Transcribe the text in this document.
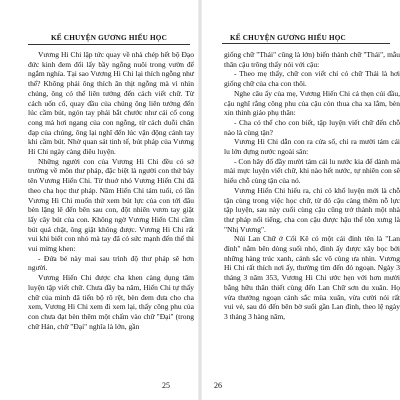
KỂ CHUYỆN GƯƠNG HIẾU HỌC

Vương Hi Chi lập tức quay về nhà chép hết bộ Đạo đức kinh đem đổi lấy bầy ngỗng nuôi trong vườn để ngắm nghía. Tại sao Vương Hi Chi lại thích ngỗng như thế? Không phải ông thích ăn thịt ngỗng mà vì nhìn chúng, ông có thể liên tưởng đến cách viết chữ. Từ cách uốn cổ, quay đầu của chúng ông liên tưởng đến lúc cầm bút, ngón tay phải bắt chước như cái cổ cong cong mà hơi ngang của con ngỗng, từ cách duỗi chân đạp của chúng, ông lại nghĩ đến lúc vận động cánh tay khi cầm bút. Nhờ quan sát tinh tế, bút pháp của Vương Hi Chi ngày càng điêu luyện.

Những người con của Vương Hi Chi đều có sở trường về môn thư pháp, đặc biệt là người con thứ bảy tên Vương Hiến Chi. Từ thuở nhỏ Vương Hiến Chi đã theo cha học thư pháp. Năm Hiến Chi tám tuổi, có lần Vương Hi Chi muốn thử xem bút lực của con tới đâu bèn lặng lẽ đến bên sau con, đột nhiên vươn tay giật lấy cây bút của con. Không ngờ Vương Hiến Chi cầm bút quá chặt, ông giật không được. Vương Hi Chi rất vui khi biết con nhỏ mà tay đã có sức mạnh đến thế thì vui mừng khen:

- Đứa bé này mai sau trình độ thư pháp sẽ hơn người.

Vương Hiến Chi được cha khen càng dụng tâm luyện tập viết chữ. Chưa đầy ba năm, Hiến Chi tự thấy chữ của mình đã tiến bộ rõ rệt, bèn đem đưa cho cha xem, Vương Hi Chi xem đi xem lại, thấy công phu của con chưa đạt bèn thêm một chấm vào chữ "Đại" (trong chữ Hán, chữ "Đại" nghĩa là lớn, gần

25
KỂ CHUYỆN GƯƠNG HIẾU HỌC

giống chữ "Thái" cũng là lớn) biến thành chữ "Thái", mẫu thân cậu trông thấy nói với cậu:

- Theo mẹ thấy, chữ con viết chỉ có chữ Thái là hơi giống chữ của cha con thôi.

Nghe câu ấy của mẹ, Vương Hiến Chi cả thẹn cúi đầu, cậu nghĩ rằng công phu của cậu còn thua cha xa lắm, bèn xin thỉnh giáo phụ thân:

- Cha có thể cho con biết, tập luyện viết chữ đến chỗ nào là cùng tận?

Vương Hi Chi dẫn con ra cửa sổ, chỉ ra mười tám cái lu lớn đựng nước ngoài sân:

- Con hãy đổ đầy mười tám cái lu nước kia để dành mà mài mực luyện viết chữ, khi nào hết nước, tự nhiên con sẽ hiểu chỗ cùng tận của nó.

Vương Hiến Chi hiểu ra, chỉ có khổ luyện mới là chỗ tận cùng trong việc học chữ, từ đó cậu càng thêm nỗ lực tập luyện, sau này cuối cùng cậu cũng trở thành một nhà thư pháp nổi tiếng, cha con cậu được hậu thế tôn xưng là "Nhị Vương".

Núi Lan Chữ ở Cối Kê có một cái đình tên là "Lan đình" nằm bên dòng suối nhỏ, đình ấy được xây bọc bởi những hàng trúc xanh, cảnh sắc vô cùng ưa nhìn. Vương Hi Chi rất thích nơi ấy, thường tìm đến đó ngoạn. Ngày 3 tháng 3 năm 353, Vương Hi Chi ước hẹn với hơn mười bằng hữu thân thiết cùng đến Lan Chữ sơn du xuân. Họ vừa thưởng ngoạn cảnh sắc mùa xuân, vừa cười nói rất vui vẻ, sau đó đến bên bờ suối gần Lan đình, theo lệ ngày 3 tháng 3 hàng năm,

26
